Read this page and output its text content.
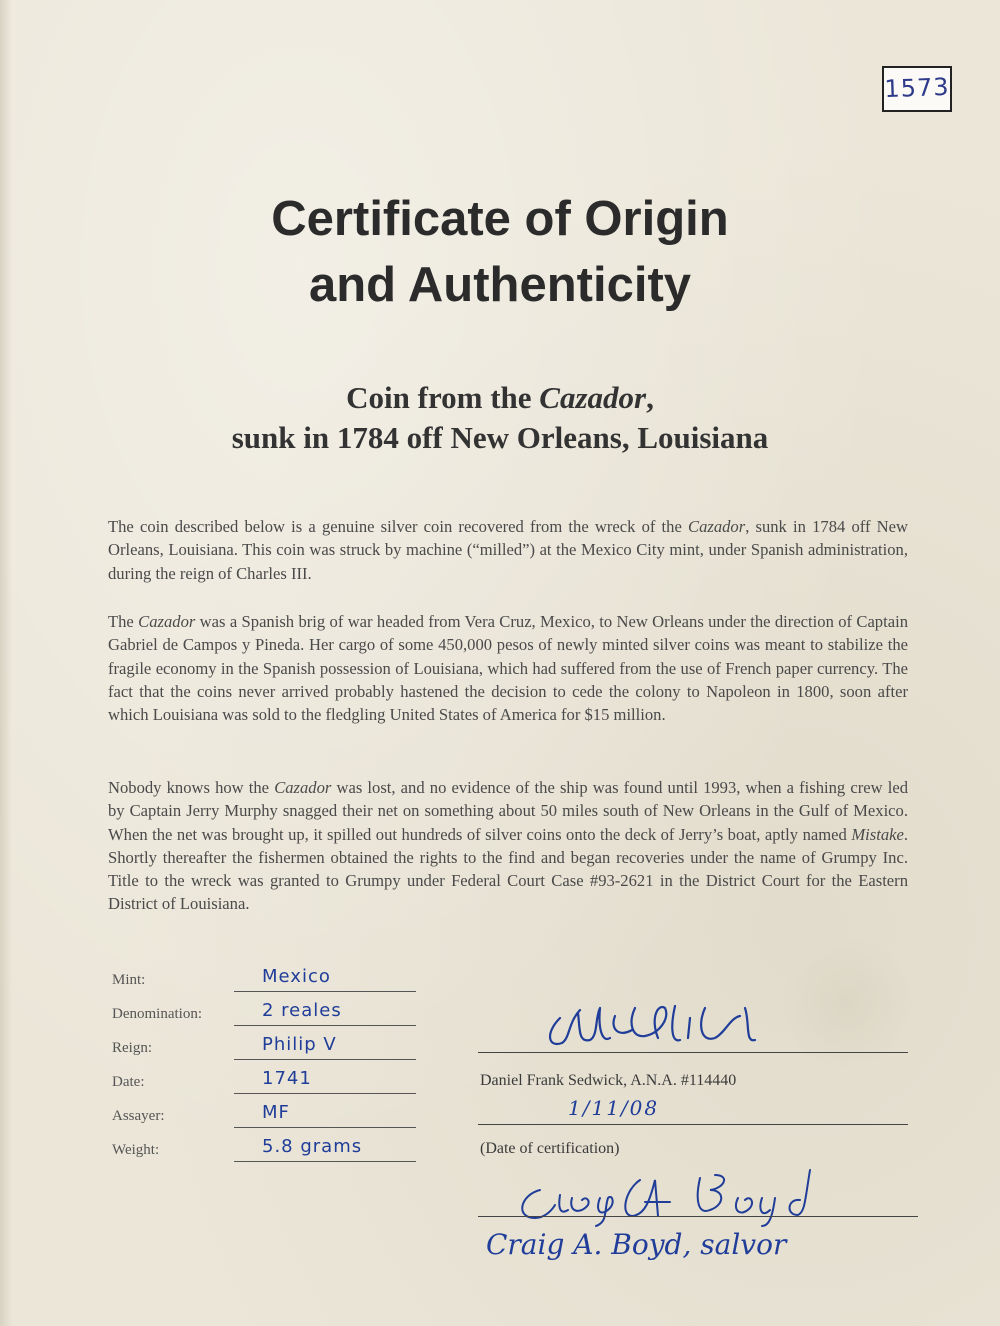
1573
Certificate of Origin
and Authenticity
Coin from the Cazador,
sunk in 1784 off New Orleans, Louisiana

The coin described below is a genuine silver coin recovered from the wreck of the Cazador, sunk in 1784 off New Orleans, Louisiana. This coin was struck by machine (“milled”) at the Mexico City mint, under Spanish administration, during the reign of Charles III.

The Cazador was a Spanish brig of war headed from Vera Cruz, Mexico, to New Orleans under the direction of Captain Gabriel de Campos y Pineda. Her cargo of some 450,000 pesos of newly minted silver coins was meant to stabilize the fragile economy in the Spanish possession of Louisiana, which had suffered from the use of French paper currency. The fact that the coins never arrived probably hastened the decision to cede the colony to Napoleon in 1800, soon after which Louisiana was sold to the fledgling United States of America for $15 million.

Nobody knows how the Cazador was lost, and no evidence of the ship was found until 1993, when a fishing crew led by Captain Jerry Murphy snagged their net on something about 50 miles south of New Orleans in the Gulf of Mexico. When the net was brought up, it spilled out hundreds of silver coins onto the deck of Jerry’s boat, aptly named Mistake. Shortly thereafter the fishermen obtained the rights to the find and began recoveries under the name of Grumpy Inc. Title to the wreck was granted to Grumpy under Federal Court Case #93-2621 in the District Court for the Eastern District of Louisiana.

Mint:	Mexico
Denomination:	2 reales
Reign:	Philip V
Date:	1741
Assayer:	MF
Weight:	5.8 grams
Daniel Frank Sedwick, A.N.A. #114440
1/11/08
(Date of certification)
Craig A. Boyd, salvor
